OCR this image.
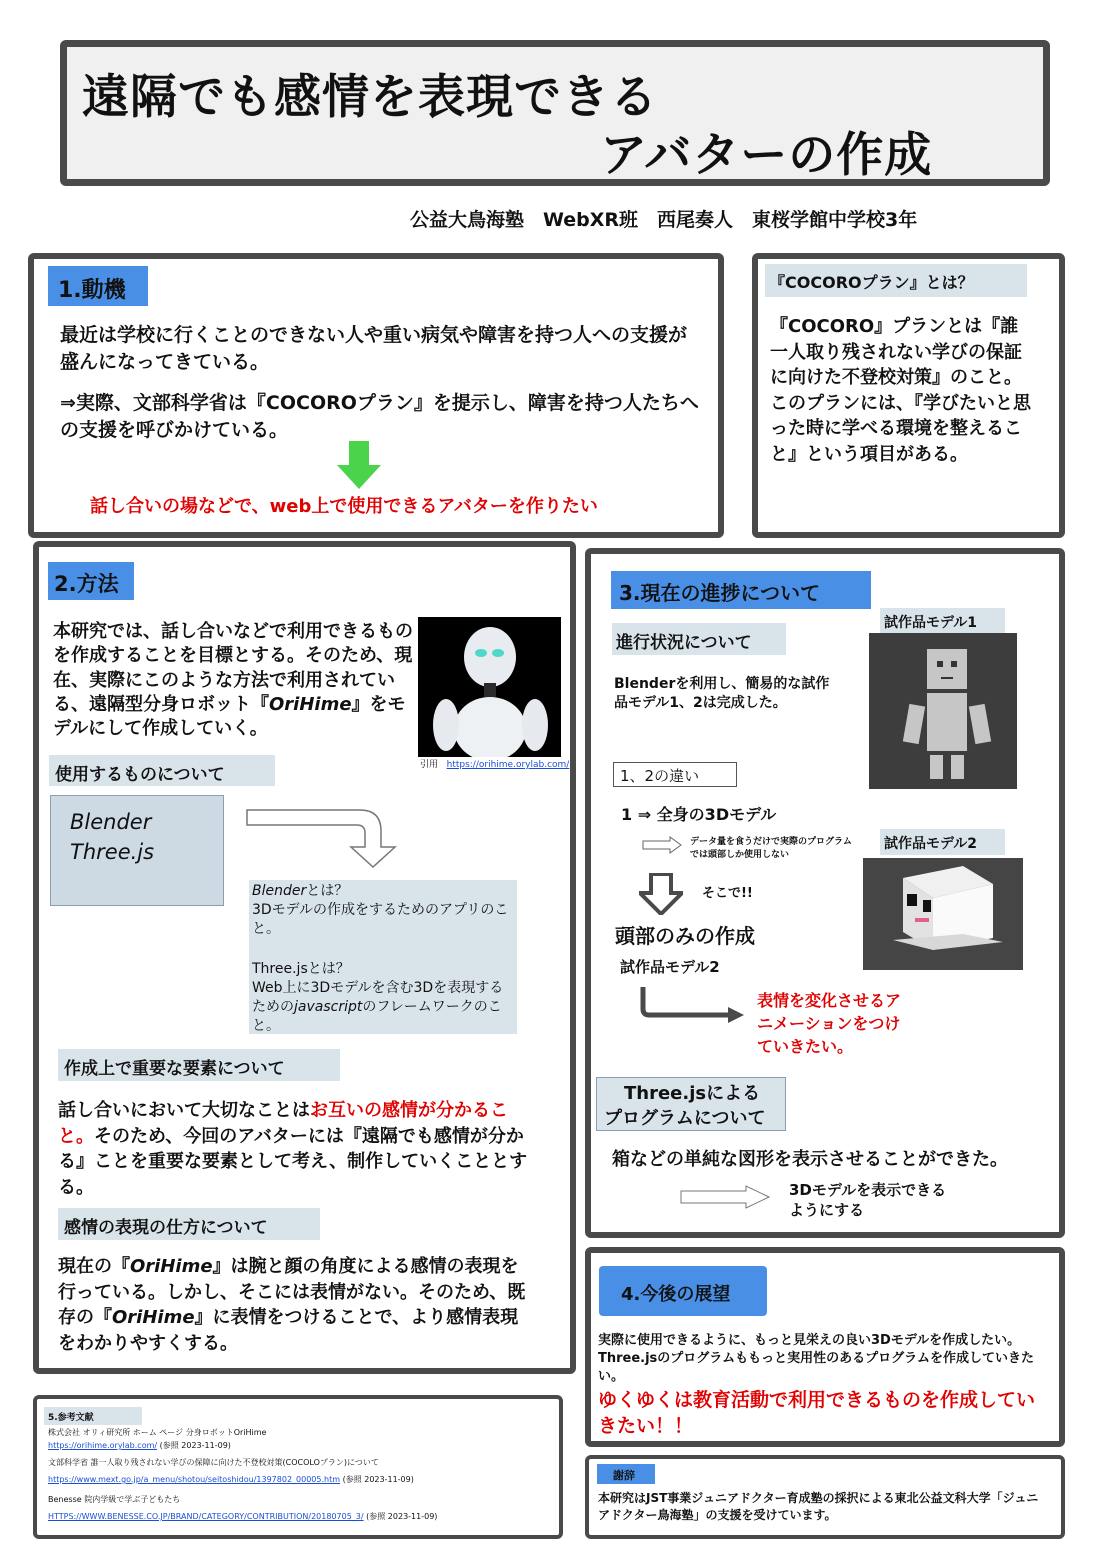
遠隔でも感情を表現できる
アバターの作成
公益大鳥海塾　WebXR班　西尾奏人　東桜学館中学校3年
1.動機
最近は学校に行くことのできない人や重い病気や障害を持つ人への支援が盛んになってきている。
⇒実際、文部科学省は『COCOROプラン』を提示し、障害を持つ人たちへの支援を呼びかけている。
話し合いの場などで、web上で使用できるアバターを作りたい
『COCOROプラン』とは？
『COCORO』プランとは『誰一人取り残されない学びの保証に向けた不登校対策』のこと。このプランには、『学びたいと思った時に学べる環境を整えること』という項目がある。
2.方法
本研究では、話し合いなどで利用できるものを作成することを目標とする。そのため、現在、実際にこのような方法で利用されている、遠隔型分身ロボット『OriHime』をモデルにして作成していく。
引用 https://orihime.orylab.com/
使用するものについて
Blender
Three.js
Blenderとは？
3Dモデルの作成をするためのアプリのこと。
Three.jsとは？
Web上に3Dモデルを含む3Dを表現するためのjavascriptのフレームワークのこと。
作成上で重要な要素について
話し合いにおいて大切なことはお互いの感情が分かること。そのため、今回のアバターには『遠隔でも感情が分かる』ことを重要な要素として考え、制作していくこととする。
感情の表現の仕方について
現在の『OriHime』は腕と顔の角度による感情の表現を行っている。しかし、そこには表情がない。そのため、既存の『OriHime』に表情をつけることで、より感情表現をわかりやすくする。
3.現在の進捗について
進行状況について
Blenderを利用し、簡易的な試作品モデル1、2は完成した。
試作品モデル1
1、2の違い
1 ⇒ 全身の3Dモデル
データ量を食うだけで実際のプログラムでは頭部しか使用しない
試作品モデル2
そこで!!
頭部のみの作成
試作品モデル2
表情を変化させるアニメーションをつけていきたい。
Three.jsによる
プログラムについて
箱などの単純な図形を表示させることができた。
3Dモデルを表示できるようにする
4.今後の展望
実際に使用できるように、もっと見栄えの良い3Dモデルを作成したい。Three.jsのプログラムももっと実用性のあるプログラムを作成していきたい。
ゆくゆくは教育活動で利用できるものを作成していきたい！！
5.参考文献
株式会社 オリィ研究所 ホーム ページ 分身ロボットOriHime
https://orihime.orylab.com/ (参照 2023-11-09)
文部科学省 誰一人取り残されない学びの保障に向けた不登校対策(COCOLOプラン)について
https://www.mext.go.jp/a_menu/shotou/seitoshidou/1397802_00005.htm (参照 2023-11-09)
Benesse 院内学級で学ぶ子どもたち
HTTPS://WWW.BENESSE.CO.JP/BRAND/CATEGORY/CONTRIBUTION/20180705_3/ (参照 2023-11-09)
謝辞
本研究はJST事業ジュニアドクター育成塾の採択による東北公益文科大学「ジュニアドクター鳥海塾」の支援を受けています。
